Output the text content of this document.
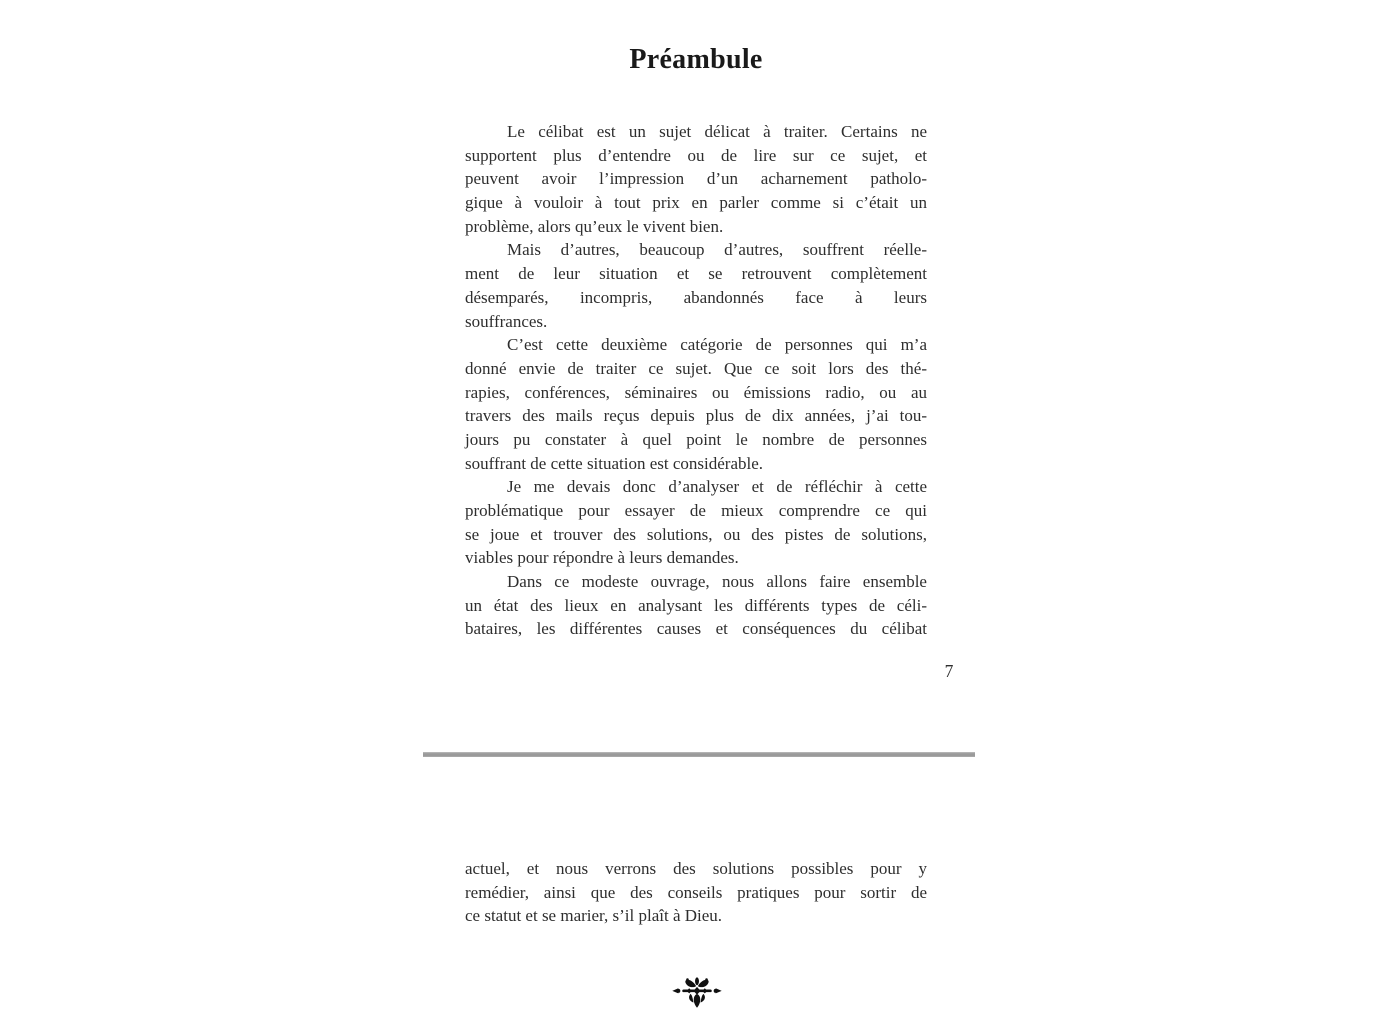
Préambule
Le célibat est un sujet délicat à traiter. Certains ne
supportent plus d’entendre ou de lire sur ce sujet, et
peuvent avoir l’impression d’un acharnement patholo-
gique à vouloir à tout prix en parler comme si c’était un
problème, alors qu’eux le vivent bien.
Mais d’autres, beaucoup d’autres, souffrent réelle-
ment de leur situation et se retrouvent complètement
désemparés, incompris, abandonnés face à leurs
souffrances.
C’est cette deuxième catégorie de personnes qui m’a
donné envie de traiter ce sujet. Que ce soit lors des thé-
rapies, conférences, séminaires ou émissions radio, ou au
travers des mails reçus depuis plus de dix années, j’ai tou-
jours pu constater à quel point le nombre de personnes
souffrant de cette situation est considérable.
Je me devais donc d’analyser et de réfléchir à cette
problématique pour essayer de mieux comprendre ce qui
se joue et trouver des solutions, ou des pistes de solutions,
viables pour répondre à leurs demandes.
Dans ce modeste ouvrage, nous allons faire ensemble
un état des lieux en analysant les différents types de céli-
bataires, les différentes causes et conséquences du célibat
7
actuel, et nous verrons des solutions possibles pour y
remédier, ainsi que des conseils pratiques pour sortir de
ce statut et se marier, s’il plaît à Dieu.
